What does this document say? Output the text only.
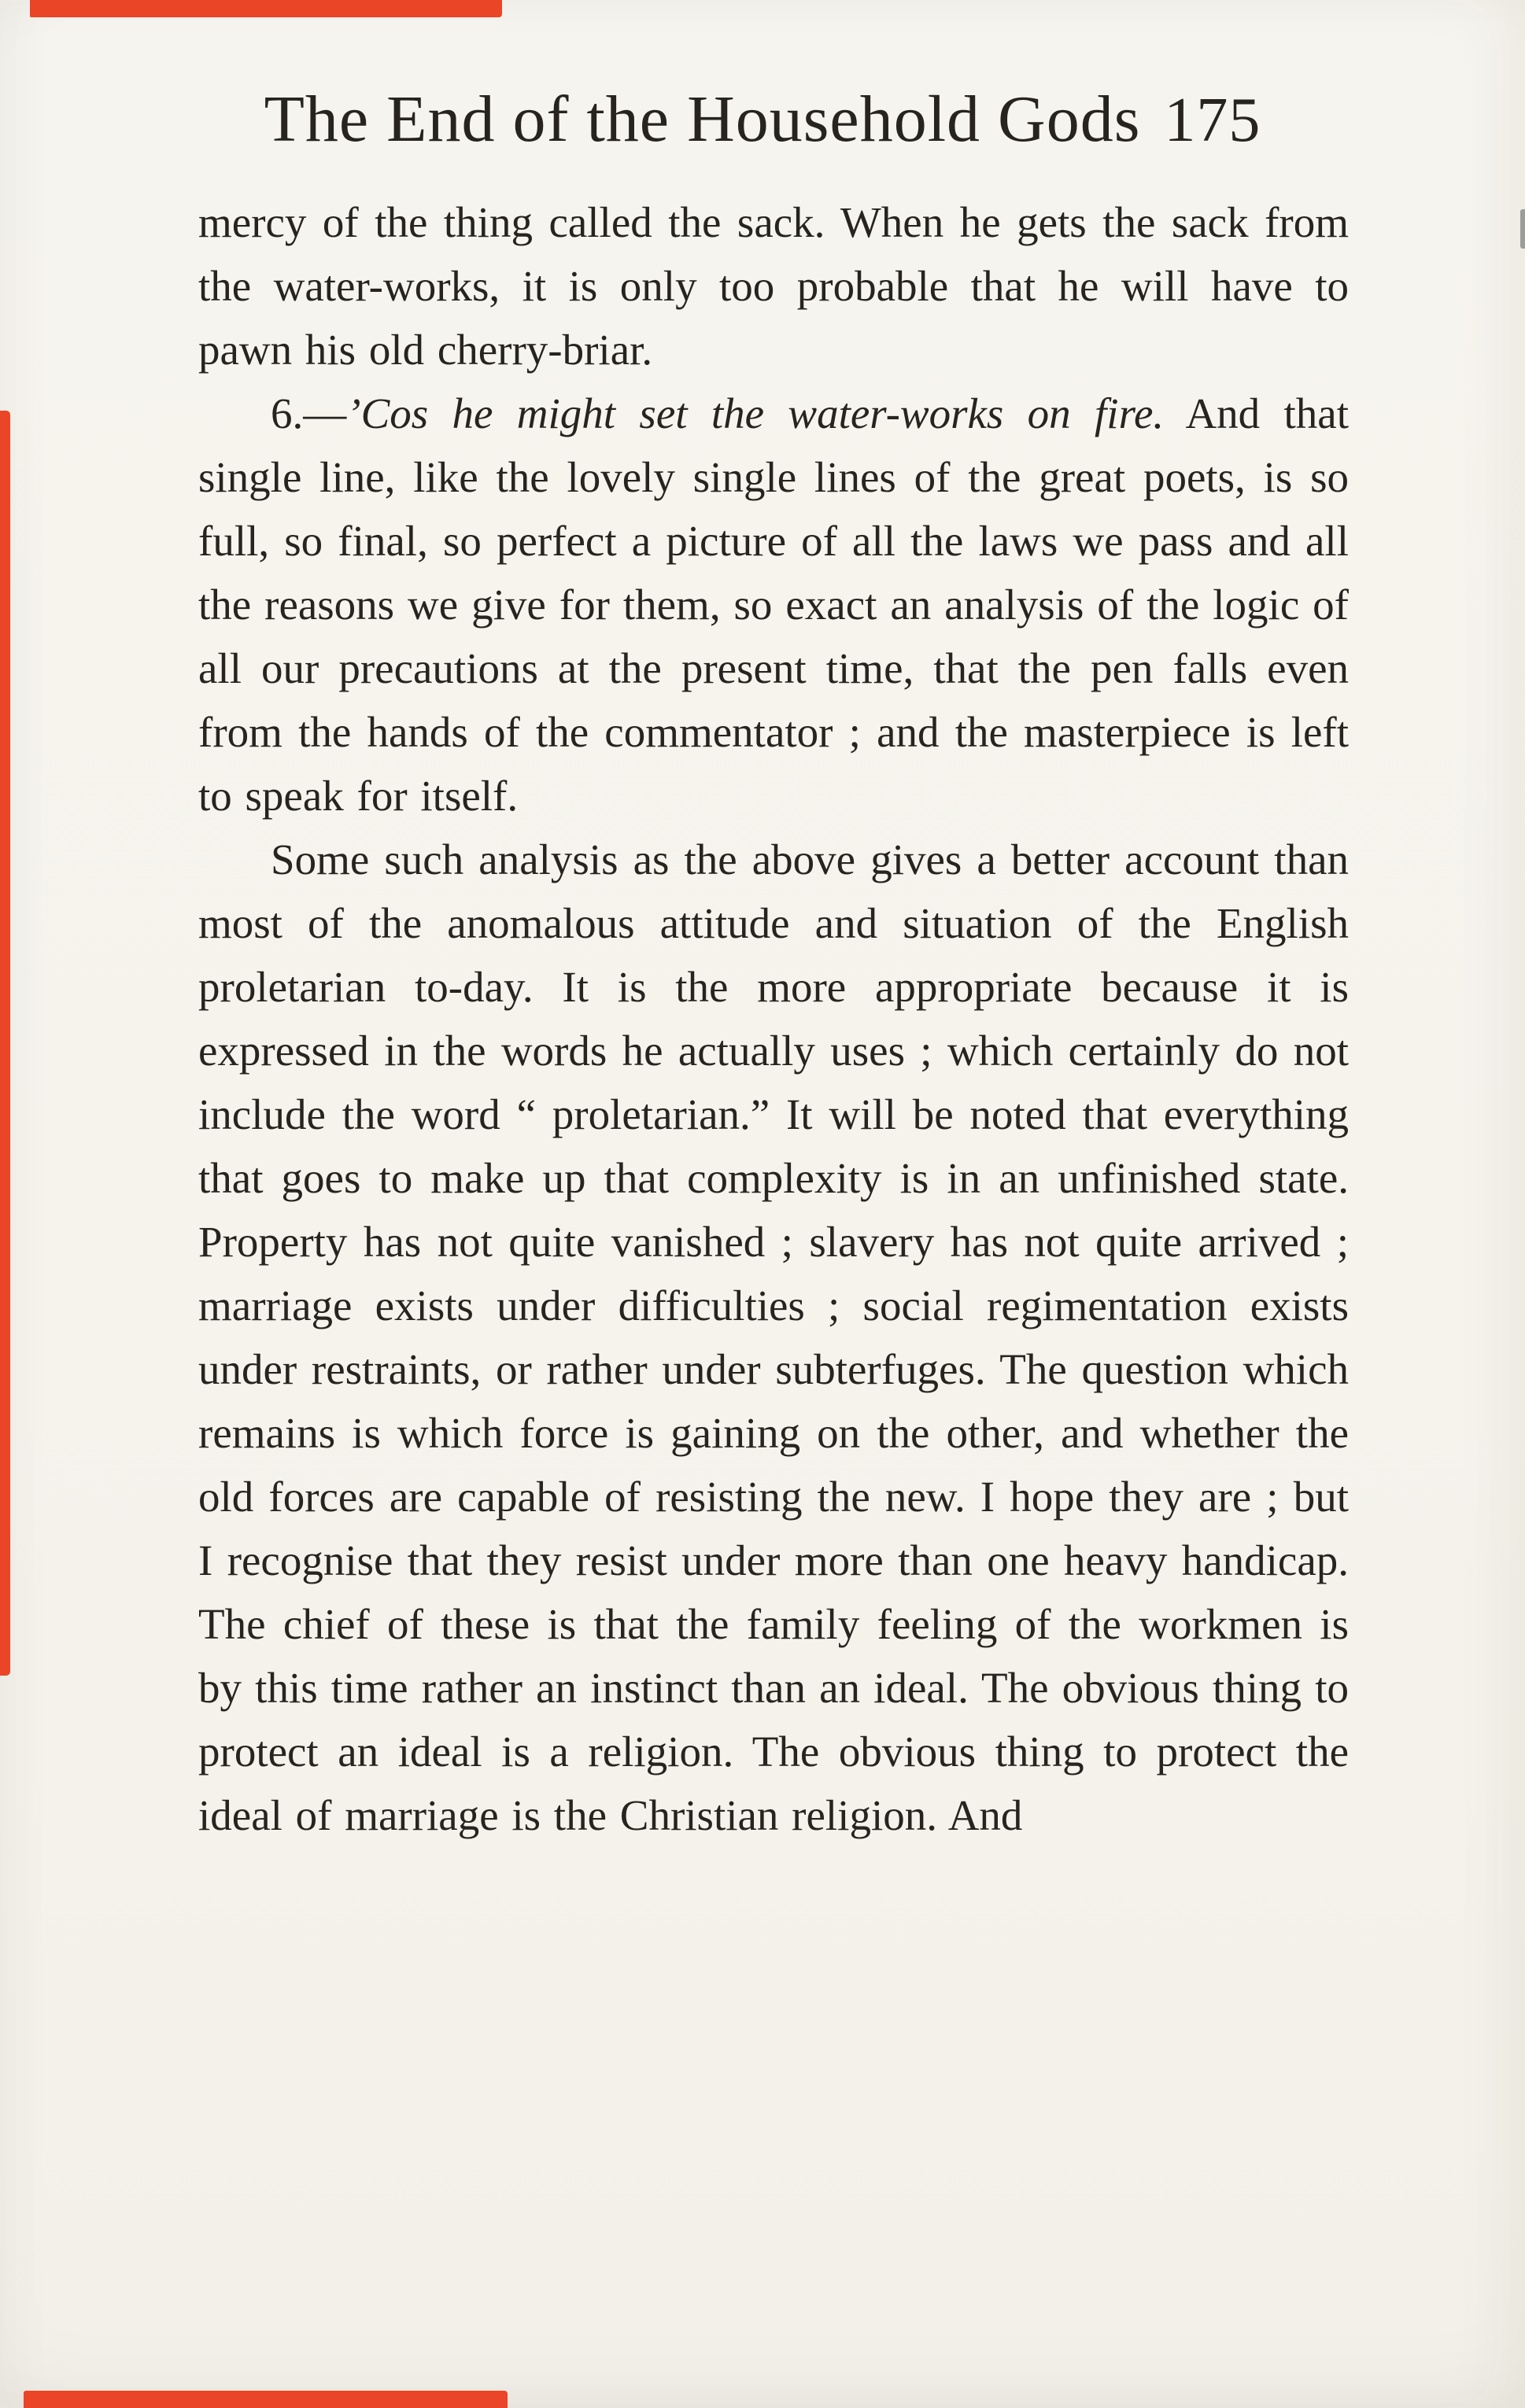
The End of the Household Gods 175

mercy of the thing called the sack. When he gets the sack from the water-works, it is only too probable that he will have to pawn his old cherry-briar.

6.—’Cos he might set the water-works on fire. And that single line, like the lovely single lines of the great poets, is so full, so final, so perfect a picture of all the laws we pass and all the reasons we give for them, so exact an analysis of the logic of all our precautions at the present time, that the pen falls even from the hands of the commentator ; and the masterpiece is left to speak for itself.

Some such analysis as the above gives a better account than most of the anomalous attitude and situation of the English proletarian to-day. It is the more appropriate because it is expressed in the words he actually uses ; which certainly do not include the word “ proletarian.” It will be noted that everything that goes to make up that complexity is in an unfinished state. Property has not quite vanished ; slavery has not quite arrived ; marriage exists under difficulties ; social regimentation exists under restraints, or rather under subterfuges. The question which remains is which force is gaining on the other, and whether the old forces are capable of resisting the new. I hope they are ; but I recognise that they resist under more than one heavy handicap. The chief of these is that the family feeling of the workmen is by this time rather an instinct than an ideal. The obvious thing to protect an ideal is a religion. The obvious thing to protect the ideal of marriage is the Christian religion. And
